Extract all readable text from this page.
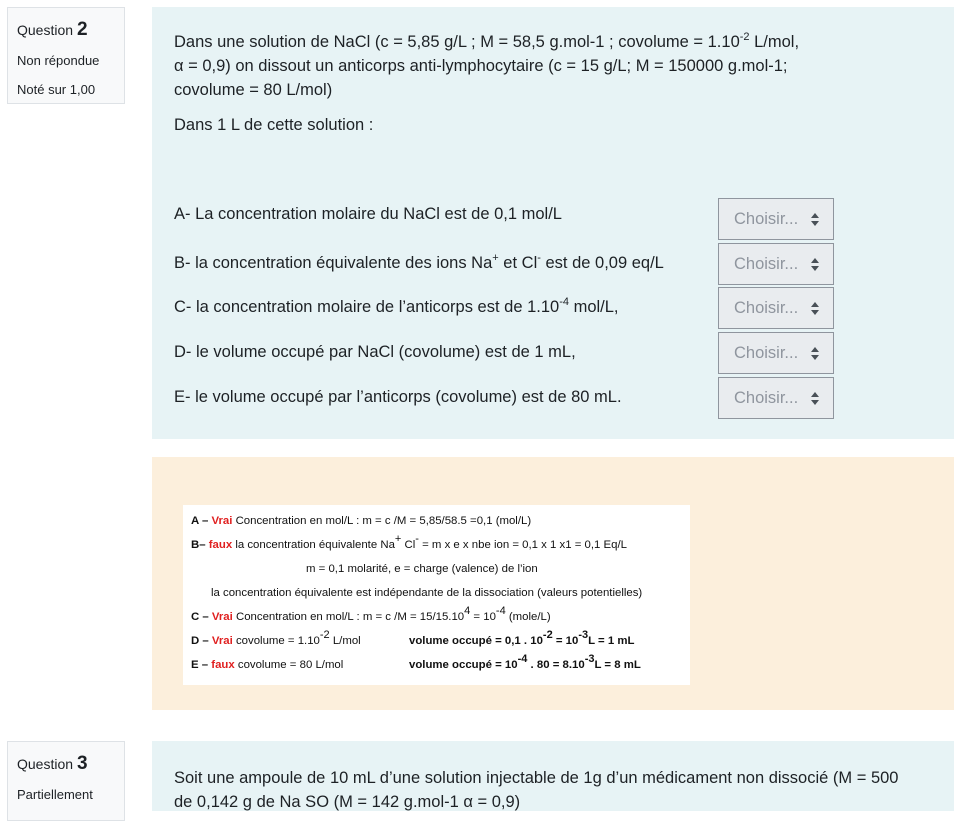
Question 2
Non répondue
Noté sur 1,00

Dans une solution de NaCl (c = 5,85 g/L ; M = 58,5 g.mol-1 ; covolume = $1.10^{-2}$ L/mol,

α = 0,9) on dissout un anticorps anti-lymphocytaire (c = 15 g/L; M = 150000 g.mol-1;

covolume = 80 L/mol)

Dans 1 L de cette solution :

A- La concentration molaire du NaCl est de 0,1 mol/L	Choisir...
B- la concentration équivalente des ions Na+ et Cl- est de 0,09 eq/L	Choisir...
C- la concentration molaire de l’anticorps est de $1.10^{-4}$ mol/L,	Choisir...
D- le volume occupé par NaCl (covolume) est de 1 mL,	Choisir...
E- le volume occupé par l’anticorps (covolume) est de 80 mL.	Choisir...
A – Vrai Concentration en mol/L : m = c /M = 5,85/58.5 =0,1 (mol/L)
B– faux la concentration équivalente Na+ Cl- = m x e x nbe ion = 0,1 x 1 x1 = 0,1 Eq/L
m = 0,1 molarité, e = charge (valence) de l’ion
la concentration équivalente est indépendante de la dissociation (valeurs potentielles)
C – Vrai Concentration en mol/L : m = c $/M = 15/15.10^4 = 10^{-4}$ (mole/L)
D – Vrai covolume = $1.10^{-2}$ L/mol	volume occupé = 0,1 . $10^{-2} = 10^{-3}L = 1$ mL
E – faux covolume = 80 L/mol	volume occupé = $10^{-4}$ . $80 = 8.10^{-3}L = 8$ mL
Question 3
Partiellement
Soit une ampoule de 10 mL d’une solution injectable de 1g d’un médicament non dissocié (M = 500
de 0,142 g de Na SO (M = 142 g.mol-1 α = 0,9)
